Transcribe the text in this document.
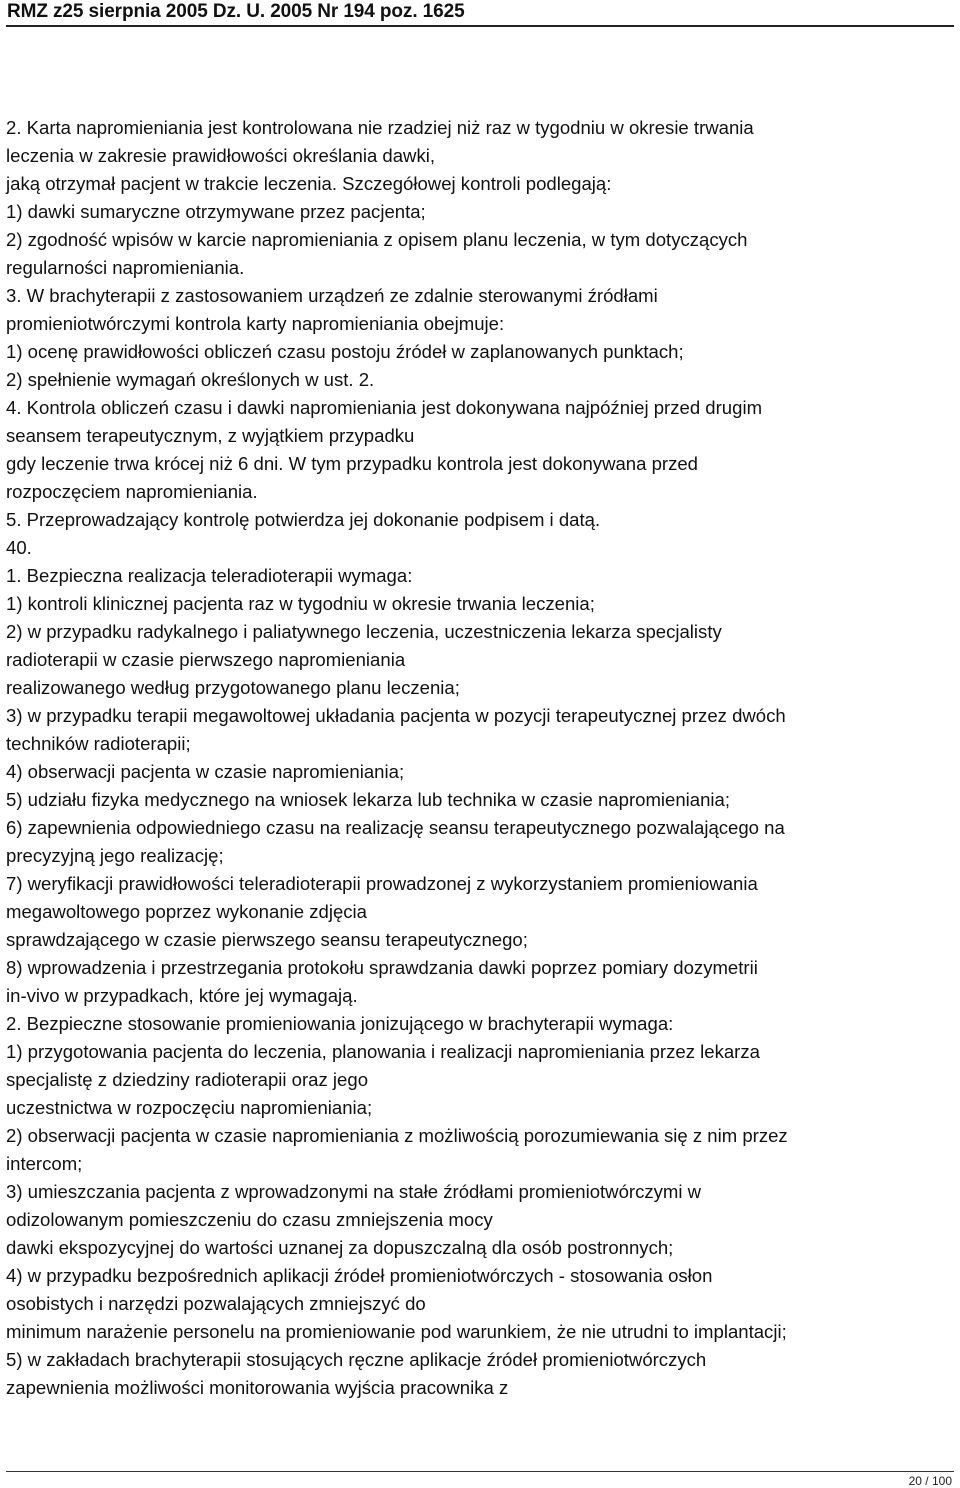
RMZ z25 sierpnia 2005 Dz. U. 2005 Nr 194 poz. 1625
2. Karta napromieniania jest kontrolowana nie rzadziej niż raz w tygodniu w okresie trwania
leczenia w zakresie prawidłowości określania dawki,
jaką otrzymał pacjent w trakcie leczenia. Szczegółowej kontroli podlegają:
1) dawki sumaryczne otrzymywane przez pacjenta;
2) zgodność wpisów w karcie napromieniania z opisem planu leczenia, w tym dotyczących
regularności napromieniania.
3. W brachyterapii z zastosowaniem urządzeń ze zdalnie sterowanymi źródłami
promieniotwórczymi kontrola karty napromieniania obejmuje:
1) ocenę prawidłowości obliczeń czasu postoju źródeł w zaplanowanych punktach;
2) spełnienie wymagań określonych w ust. 2.
4. Kontrola obliczeń czasu i dawki napromieniania jest dokonywana najpóźniej przed drugim
seansem terapeutycznym, z wyjątkiem przypadku
gdy leczenie trwa krócej niż 6 dni. W tym przypadku kontrola jest dokonywana przed
rozpoczęciem napromieniania.
5. Przeprowadzający kontrolę potwierdza jej dokonanie podpisem i datą.
40.
1. Bezpieczna realizacja teleradioterapii wymaga:
1) kontroli klinicznej pacjenta raz w tygodniu w okresie trwania leczenia;
2) w przypadku radykalnego i paliatywnego leczenia, uczestniczenia lekarza specjalisty
radioterapii w czasie pierwszego napromieniania
realizowanego według przygotowanego planu leczenia;
3) w przypadku terapii megawoltowej układania pacjenta w pozycji terapeutycznej przez dwóch
techników radioterapii;
4) obserwacji pacjenta w czasie napromieniania;
5) udziału fizyka medycznego na wniosek lekarza lub technika w czasie napromieniania;
6) zapewnienia odpowiedniego czasu na realizację seansu terapeutycznego pozwalającego na
precyzyjną jego realizację;
7) weryfikacji prawidłowości teleradioterapii prowadzonej z wykorzystaniem promieniowania
megawoltowego poprzez wykonanie zdjęcia
sprawdzającego w czasie pierwszego seansu terapeutycznego;
8) wprowadzenia i przestrzegania protokołu sprawdzania dawki poprzez pomiary dozymetrii
in-vivo w przypadkach, które jej wymagają.
2. Bezpieczne stosowanie promieniowania jonizującego w brachyterapii wymaga:
1) przygotowania pacjenta do leczenia, planowania i realizacji napromieniania przez lekarza
specjalistę z dziedziny radioterapii oraz jego
uczestnictwa w rozpoczęciu napromieniania;
2) obserwacji pacjenta w czasie napromieniania z możliwością porozumiewania się z nim przez
intercom;
3) umieszczania pacjenta z wprowadzonymi na stałe źródłami promieniotwórczymi w
odizolowanym pomieszczeniu do czasu zmniejszenia mocy
dawki ekspozycyjnej do wartości uznanej za dopuszczalną dla osób postronnych;
4) w przypadku bezpośrednich aplikacji źródeł promieniotwórczych - stosowania osłon
osobistych i narzędzi pozwalających zmniejszyć do
minimum narażenie personelu na promieniowanie pod warunkiem, że nie utrudni to implantacji;
5) w zakładach brachyterapii stosujących ręczne aplikacje źródeł promieniotwórczych
zapewnienia możliwości monitorowania wyjścia pracownika z
20 / 100
